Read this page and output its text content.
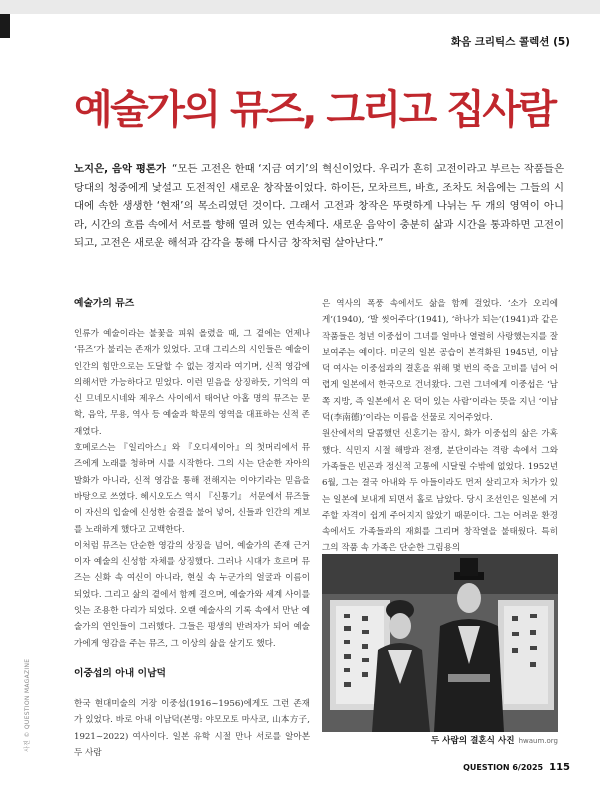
화음 크리틱스 콜렉션 (5)
예술가의 뮤즈, 그리고 집사람
노지은, 음악 평론가 “모든 고전은 한때 ‘지금 여기’의 혁신이었다. 우리가 흔히 고전이라고 부르는 작품들은 당대의 청중에게 낯설고 도전적인 새로운 창작물이었다. 하이든, 모차르트, 바흐, 조차도 처음에는 그들의 시대에 속한 생생한 ‘현재’의 목소리였던 것이다. 그래서 고전과 창작은 뚜렷하게 나뉘는 두 개의 영역이 아니라, 시간의 흐름 속에서 서로를 향해 열려 있는 연속체다. 새로운 음악이 충분히 삶과 시간을 통과하면 고전이 되고, 고전은 새로운 해석과 감각을 통해 다시금 창작처럼 살아난다.”
예술가의 뮤즈

인류가 예술이라는 불꽃을 피워 올렸을 때, 그 곁에는 언제나 ‘뮤즈’가 불리는 존재가 있었다. 고대 그리스의 시인들은 예술이 인간의 힘만으로는 도달할 수 없는 경지라 여기며, 신적 영감에 의해서만 가능하다고 믿었다. 이런 믿음을 상징하듯, 기억의 여신 므네모시네와 제우스 사이에서 태어난 아홉 명의 뮤즈는 문학, 음악, 무용, 역사 등 예술과 학문의 영역을 대표하는 신적 존재였다.

호메로스는 『일리아스』와 『오디세이아』의 첫머리에서 뮤즈에게 노래를 청하며 시를 시작한다. 그의 시는 단순한 자아의 발화가 아니라, 신적 영감을 통해 전해지는 이야기라는 믿음을 바탕으로 쓰였다. 헤시오도스 역시 『신통기』 서문에서 뮤즈들이 자신의 입술에 신성한 숨결을 불어 넣어, 신들과 인간의 계보를 노래하게 했다고 고백한다.

이처럼 뮤즈는 단순한 영감의 상징을 넘어, 예술가의 존재 근거이자 예술의 신성함 자체를 상징했다. 그러나 시대가 흐르며 뮤즈는 신화 속 여신이 아니라, 현실 속 누군가의 얼굴과 이름이 되었다. 그리고 삶의 곁에서 함께 걸으며, 예술가와 세계 사이를 잇는 조용한 다리가 되었다. 오랜 예술사의 기록 속에서 만난 예술가의 연인들이 그러했다. 그들은 평생의 반려자가 되어 예술가에게 영감을 주는 뮤즈, 그 이상의 삶을 살기도 했다.

이중섭의 아내 이남덕

한국 현대미술의 거장 이중섭(1916~1956)에게도 그런 존재가 있었다. 바로 아내 이남덕(본명: 야모모토 마사코, 山本方子, 1921~2022) 여사이다. 일본 유학 시절 만나 서로를 알아본 두 사람

은 역사의 폭풍 속에서도 삶을 함께 걸었다. ‘소가 오리에게’(1940), ‘발 씻어주다’(1941), ‘하나가 되는’(1941)과 같은 작품들은 청년 이중섭이 그녀를 얼마나 열렬히 사랑했는지를 잘 보여주는 예이다. 미군의 일본 공습이 본격화된 1945년, 이남덕 여사는 이중섭과의 결혼을 위해 몇 번의 죽을 고비를 넘어 어렵게 일본에서 한국으로 건너왔다. 그런 그녀에게 이중섭은 ‘남쪽 지방, 즉 일본에서 온 덕이 있는 사람’이라는 뜻을 지닌 ‘이남덕(李南德)’이라는 이름을 선물로 지어주었다.

원산에서의 달콤했던 신혼기는 잠시, 화가 이중섭의 삶은 가혹했다. 식민지 시절 해방과 전쟁, 분단이라는 격랑 속에서 그와 가족들은 빈곤과 정신적 고통에 시달릴 수밖에 없었다. 1952년 6월, 그는 결국 아내와 두 아들이라도 먼저 살리고자 처가가 있는 일본에 보내게 되면서 홀로 남았다. 당시 조선인은 일본에 거주할 자격이 쉽게 주어지지 않았기 때문이다. 그는 어려운 환경 속에서도 가족들과의 재회를 그리며 창작열을 불태웠다. 특히 그의 작품 속 가족은 단순한 그림용의

두 사람의 결혼식 사진 hwaum.org
사진 © QUESTION MAGAZINE
QUESTION 6/2025 115
